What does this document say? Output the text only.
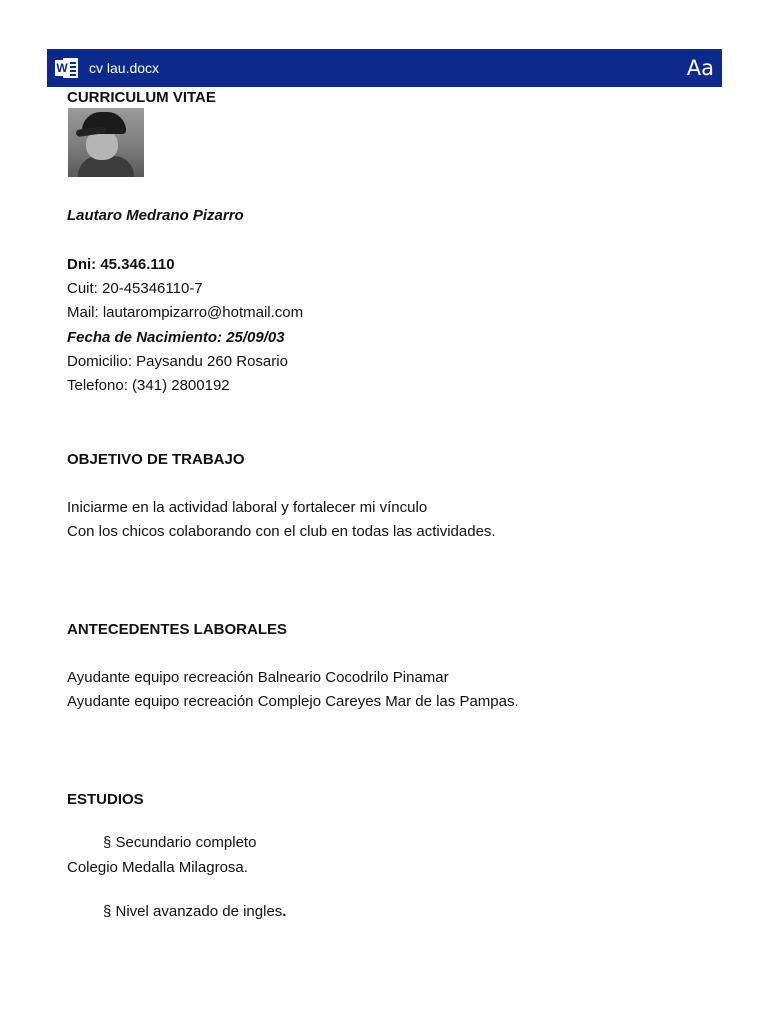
W cv lau.docx	Aa
CURRICULUM VITAE
Lautaro Medrano Pizarro
Dni: 45.346.110
Cuit: 20-45346110-7
Mail: lautarompizarro@hotmail.com
Fecha de Nacimiento: 25/09/03
Domicilio: Paysandu 260 Rosario
Telefono: (341) 2800192
OBJETIVO DE TRABAJO
Iniciarme en la actividad laboral y fortalecer mi vínculo
Con los chicos colaborando con el club en todas las actividades.
ANTECEDENTES LABORALES
Ayudante equipo recreación Balneario Cocodrilo Pinamar
Ayudante equipo recreación Complejo Careyes Mar de las Pampas.
ESTUDIOS
§ Secundario completo
Colegio Medalla Milagrosa.
§ Nivel avanzado de ingles.
